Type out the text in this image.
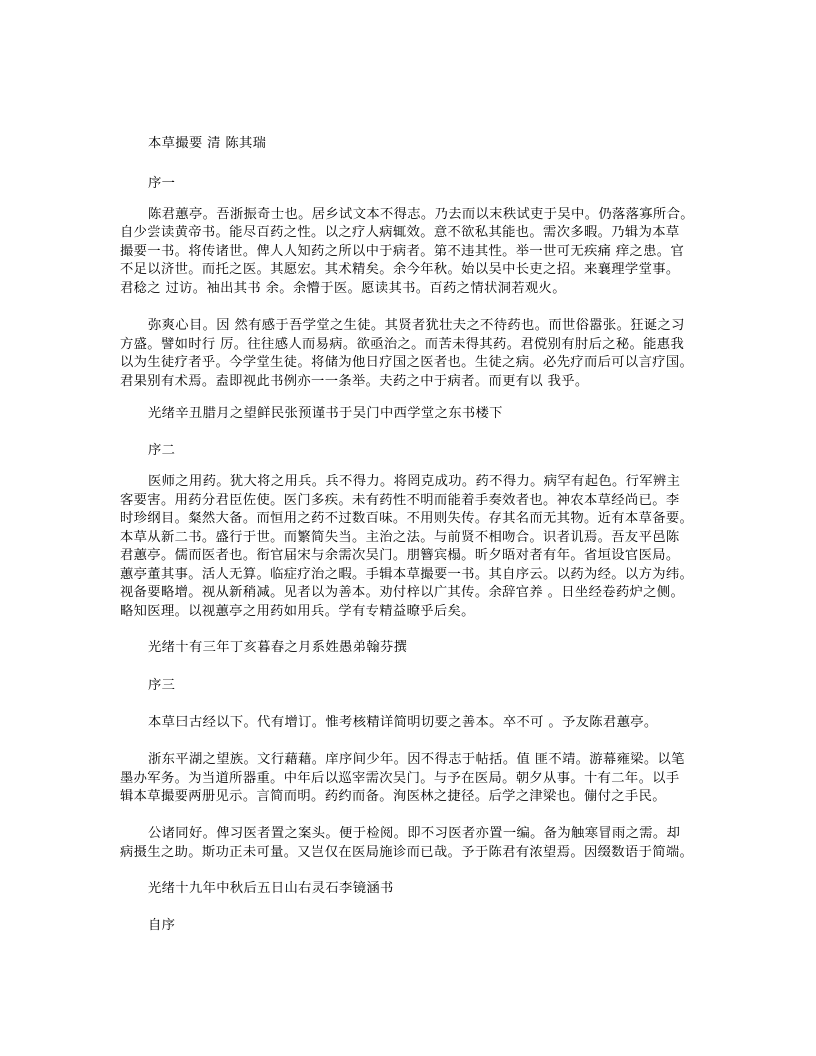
本草撮要 清 陈其瑞
序一
陈君蕙亭。吾浙振奇士也。居乡试文本不得志。乃去而以末秩试吏于吴中。仍落落寡所合。
自少尝读黄帝书。能尽百药之性。以之疗人病辄效。意不欲私其能也。需次多暇。乃辑为本草
撮要一书。将传诸世。俾人人知药之所以中于病者。第不违其性。举一世可无疾痛 痒之患。官
不足以济世。而托之医。其愿宏。其术精矣。余今年秋。始以吴中长吏之招。来襄理学堂事。
君稔之 过访。袖出其书 余。余懵于医。愿读其书。百药之情状洞若观火。
弥爽心目。因 然有感于吾学堂之生徒。其贤者犹壮夫之不待药也。而世俗嚣张。狂诞之习
方盛。譬如时行 厉。往往感人而易病。欲亟治之。而苦未得其药。君傥别有肘后之秘。能惠我
以为生徒疗者乎。今学堂生徒。将储为他日疗国之医者也。生徒之病。必先疗而后可以言疗国。
君果别有术焉。盍即视此书例亦一一条举。夫药之中于病者。而更有以 我乎。
光绪辛丑腊月之望鲜民张预谨书于吴门中西学堂之东书楼下
序二
医师之用药。犹大将之用兵。兵不得力。将罔克成功。药不得力。病罕有起色。行军辨主
客要害。用药分君臣佐使。医门多疾。未有药性不明而能着手奏效者也。神农本草经尚已。李
时珍纲目。粲然大备。而恒用之药不过数百味。不用则失传。存其名而无其物。近有本草备要。
本草从新二书。盛行于世。而繁简失当。主治之法。与前贤不相吻合。识者讥焉。吾友平邑陈
君蕙亭。儒而医者也。衔官届宋与余需次吴门。朋簪宾榻。昕夕晤对者有年。省垣设官医局。
蕙亭董其事。活人无算。临症疗治之暇。手辑本草撮要一书。其自序云。以药为经。以方为纬。
视备要略增。视从新稍减。见者以为善本。劝付梓以广其传。余辞官养 。日坐经卷药炉之侧。
略知医理。以视蕙亭之用药如用兵。学有专精益暸乎后矣。
光绪十有三年丁亥暮春之月系姓愚弟翰芬撰
序三
本草曰古经以下。代有增订。惟考核精详简明切要之善本。卒不可 。予友陈君蕙亭。
浙东平湖之望族。文行藉藉。庠序间少年。因不得志于帖括。值 匪不靖。游幕雍梁。以笔
墨办军务。为当道所器重。中年后以巡宰需次吴门。与予在医局。朝夕从事。十有二年。以手
辑本草撮要两册见示。言简而明。药约而备。洵医林之捷径。后学之津梁也。傰付之手民。
公诸同好。俾习医者置之案头。便于检阅。即不习医者亦置一编。备为触寒冒雨之需。却
病摄生之助。斯功正未可量。又岂仅在医局施诊而已哉。予于陈君有浓望焉。因缀数语于简端。
光绪十九年中秋后五日山右灵石李镜涵书
自序
